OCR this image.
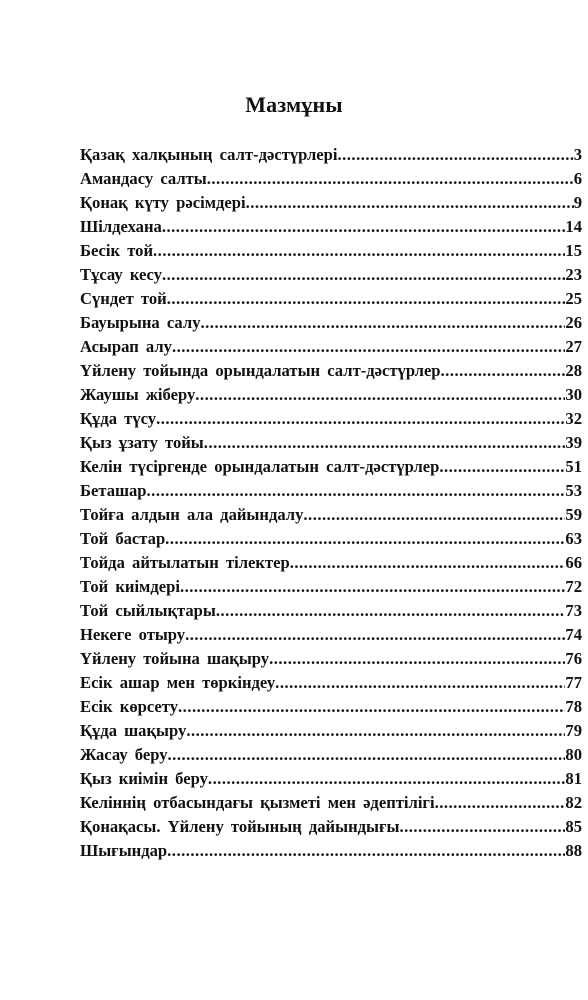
Мазмұны
Қазақ халқының салт-дәстүрлері .....	3
Амандасу салты .....	6
Қонақ күту рәсімдері .....	9
Шілдехана .....	14
Бесік той .....	15
Тұсау кесу .....	23
Сүндет той .....	25
Бауырына салу .....	26
Асырап алу .....	27
Үйлену тойында орындалатын салт-дәстүрлер .....	28
Жаушы жіберу .....	30
Құда түсу .....	32
Қыз ұзату тойы .....	39
Келін түсіргенде орындалатын салт-дәстүрлер .....	51
Беташар .....	53
Тойға алдын ала дайындалу .....	59
Той бастар .....	63
Тойда айтылатын тілектер .....	66
Той киімдері .....	72
Той сыйлықтары .....	73
Некеге отыру .....	74
Үйлену тойына шақыру .....	76
Есік ашар мен төркіндеу .....	77
Есік көрсету .....	78
Құда шақыру .....	79
Жасау беру .....	80
Қыз киімін беру .....	81
Келіннің отбасындағы қызметі мен әдептілігі .....	82
Қонақасы. Үйлену тойының дайындығы .....	85
Шығындар .....	88
